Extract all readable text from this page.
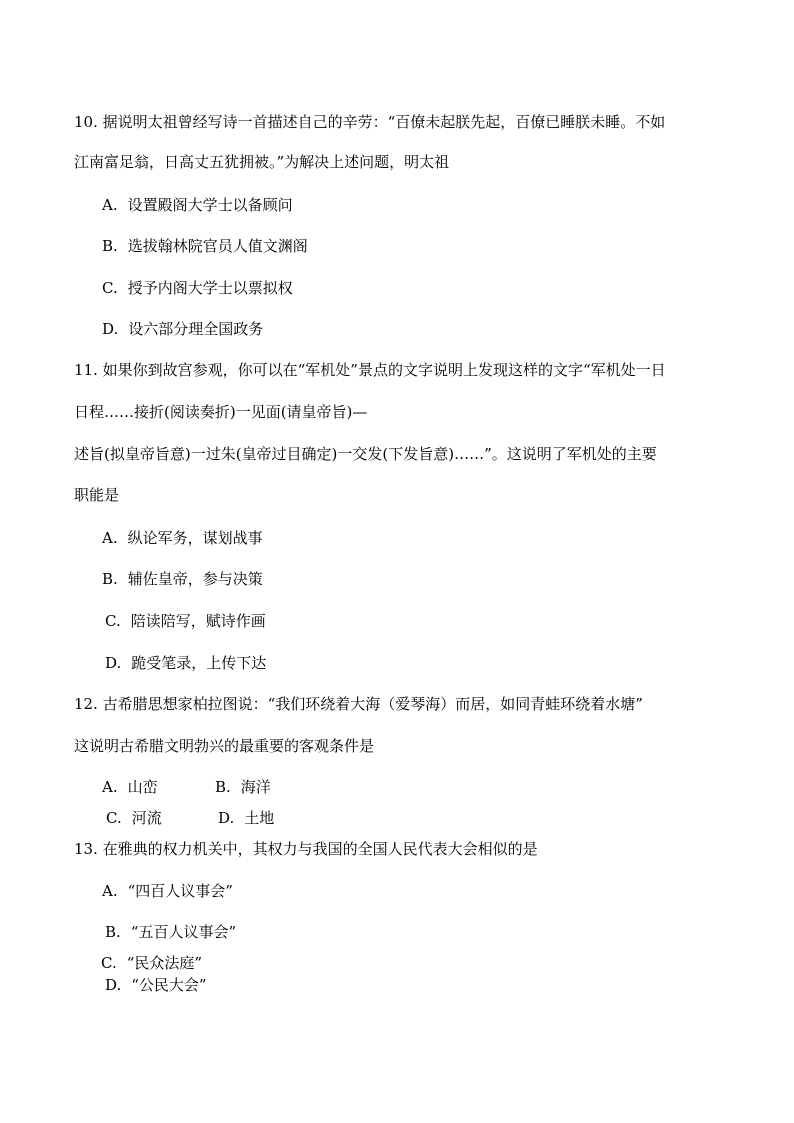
10. 据说明太祖曾经写诗一首描述自己的辛劳：“百僚未起朕先起，百僚已睡朕未睡。不如
江南富足翁，日高丈五犹拥被。”为解决上述问题，明太祖
A. 设置殿阁大学士以备顾问
B. 选拔翰林院官员人值文渊阁
C. 授予内阁大学士以票拟权
D. 设六部分理全国政务
11. 如果你到故宫参观，你可以在“军机处”景点的文字说明上发现这样的文字“军机处一日
日程……接折(阅读奏折)一见面(请皇帝旨)—
述旨(拟皇帝旨意)一过朱(皇帝过目确定)一交发(下发旨意)……”。这说明了军机处的主要
职能是
A. 纵论军务，谋划战事
B. 辅佐皇帝，参与决策
C. 陪读陪写，赋诗作画
D. 跪受笔录，上传下达
12. 古希腊思想家柏拉图说：“我们环绕着大海（爱琴海）而居，如同青蛙环绕着水塘”
这说明古希腊文明勃兴的最重要的客观条件是
A. 山峦	B. 海洋
C. 河流	D. 土地
13. 在雅典的权力机关中，其权力与我国的全国人民代表大会相似的是
A. “四百人议事会”
B. “五百人议事会”
C. “民众法庭”
D. “公民大会”
